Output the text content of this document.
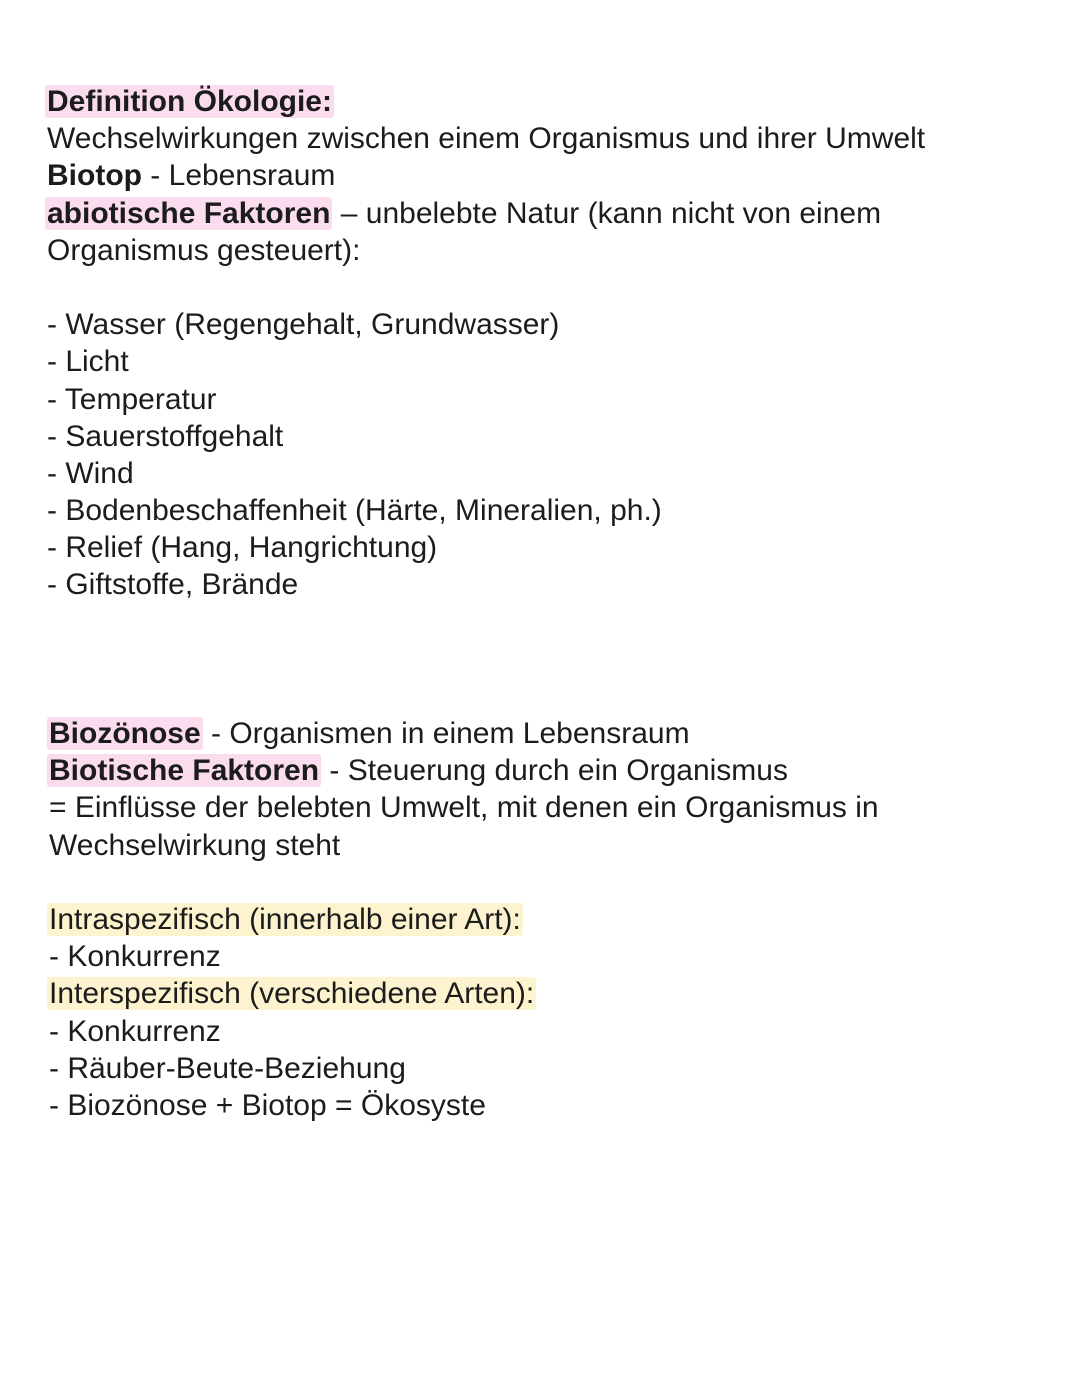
Definition Ökologie:
Wechselwirkungen zwischen einem Organismus und ihrer Umwelt
Biotop - Lebensraum
abiotische Faktoren – unbelebte Natur (kann nicht von einem
Organismus gesteuert):
- Wasser (Regengehalt, Grundwasser)
- Licht
- Temperatur
- Sauerstoffgehalt
- Wind
- Bodenbeschaffenheit (Härte, Mineralien, ph.)
- Relief (Hang, Hangrichtung)
- Giftstoffe, Brände
Biozönose - Organismen in einem Lebensraum
Biotische Faktoren - Steuerung durch ein Organismus
= Einflüsse der belebten Umwelt, mit denen ein Organismus in
Wechselwirkung steht
Intraspezifisch (innerhalb einer Art):
- Konkurrenz
Interspezifisch (verschiedene Arten):
- Konkurrenz
- Räuber-Beute-Beziehung
- Biozönose + Biotop = Ökosyste
